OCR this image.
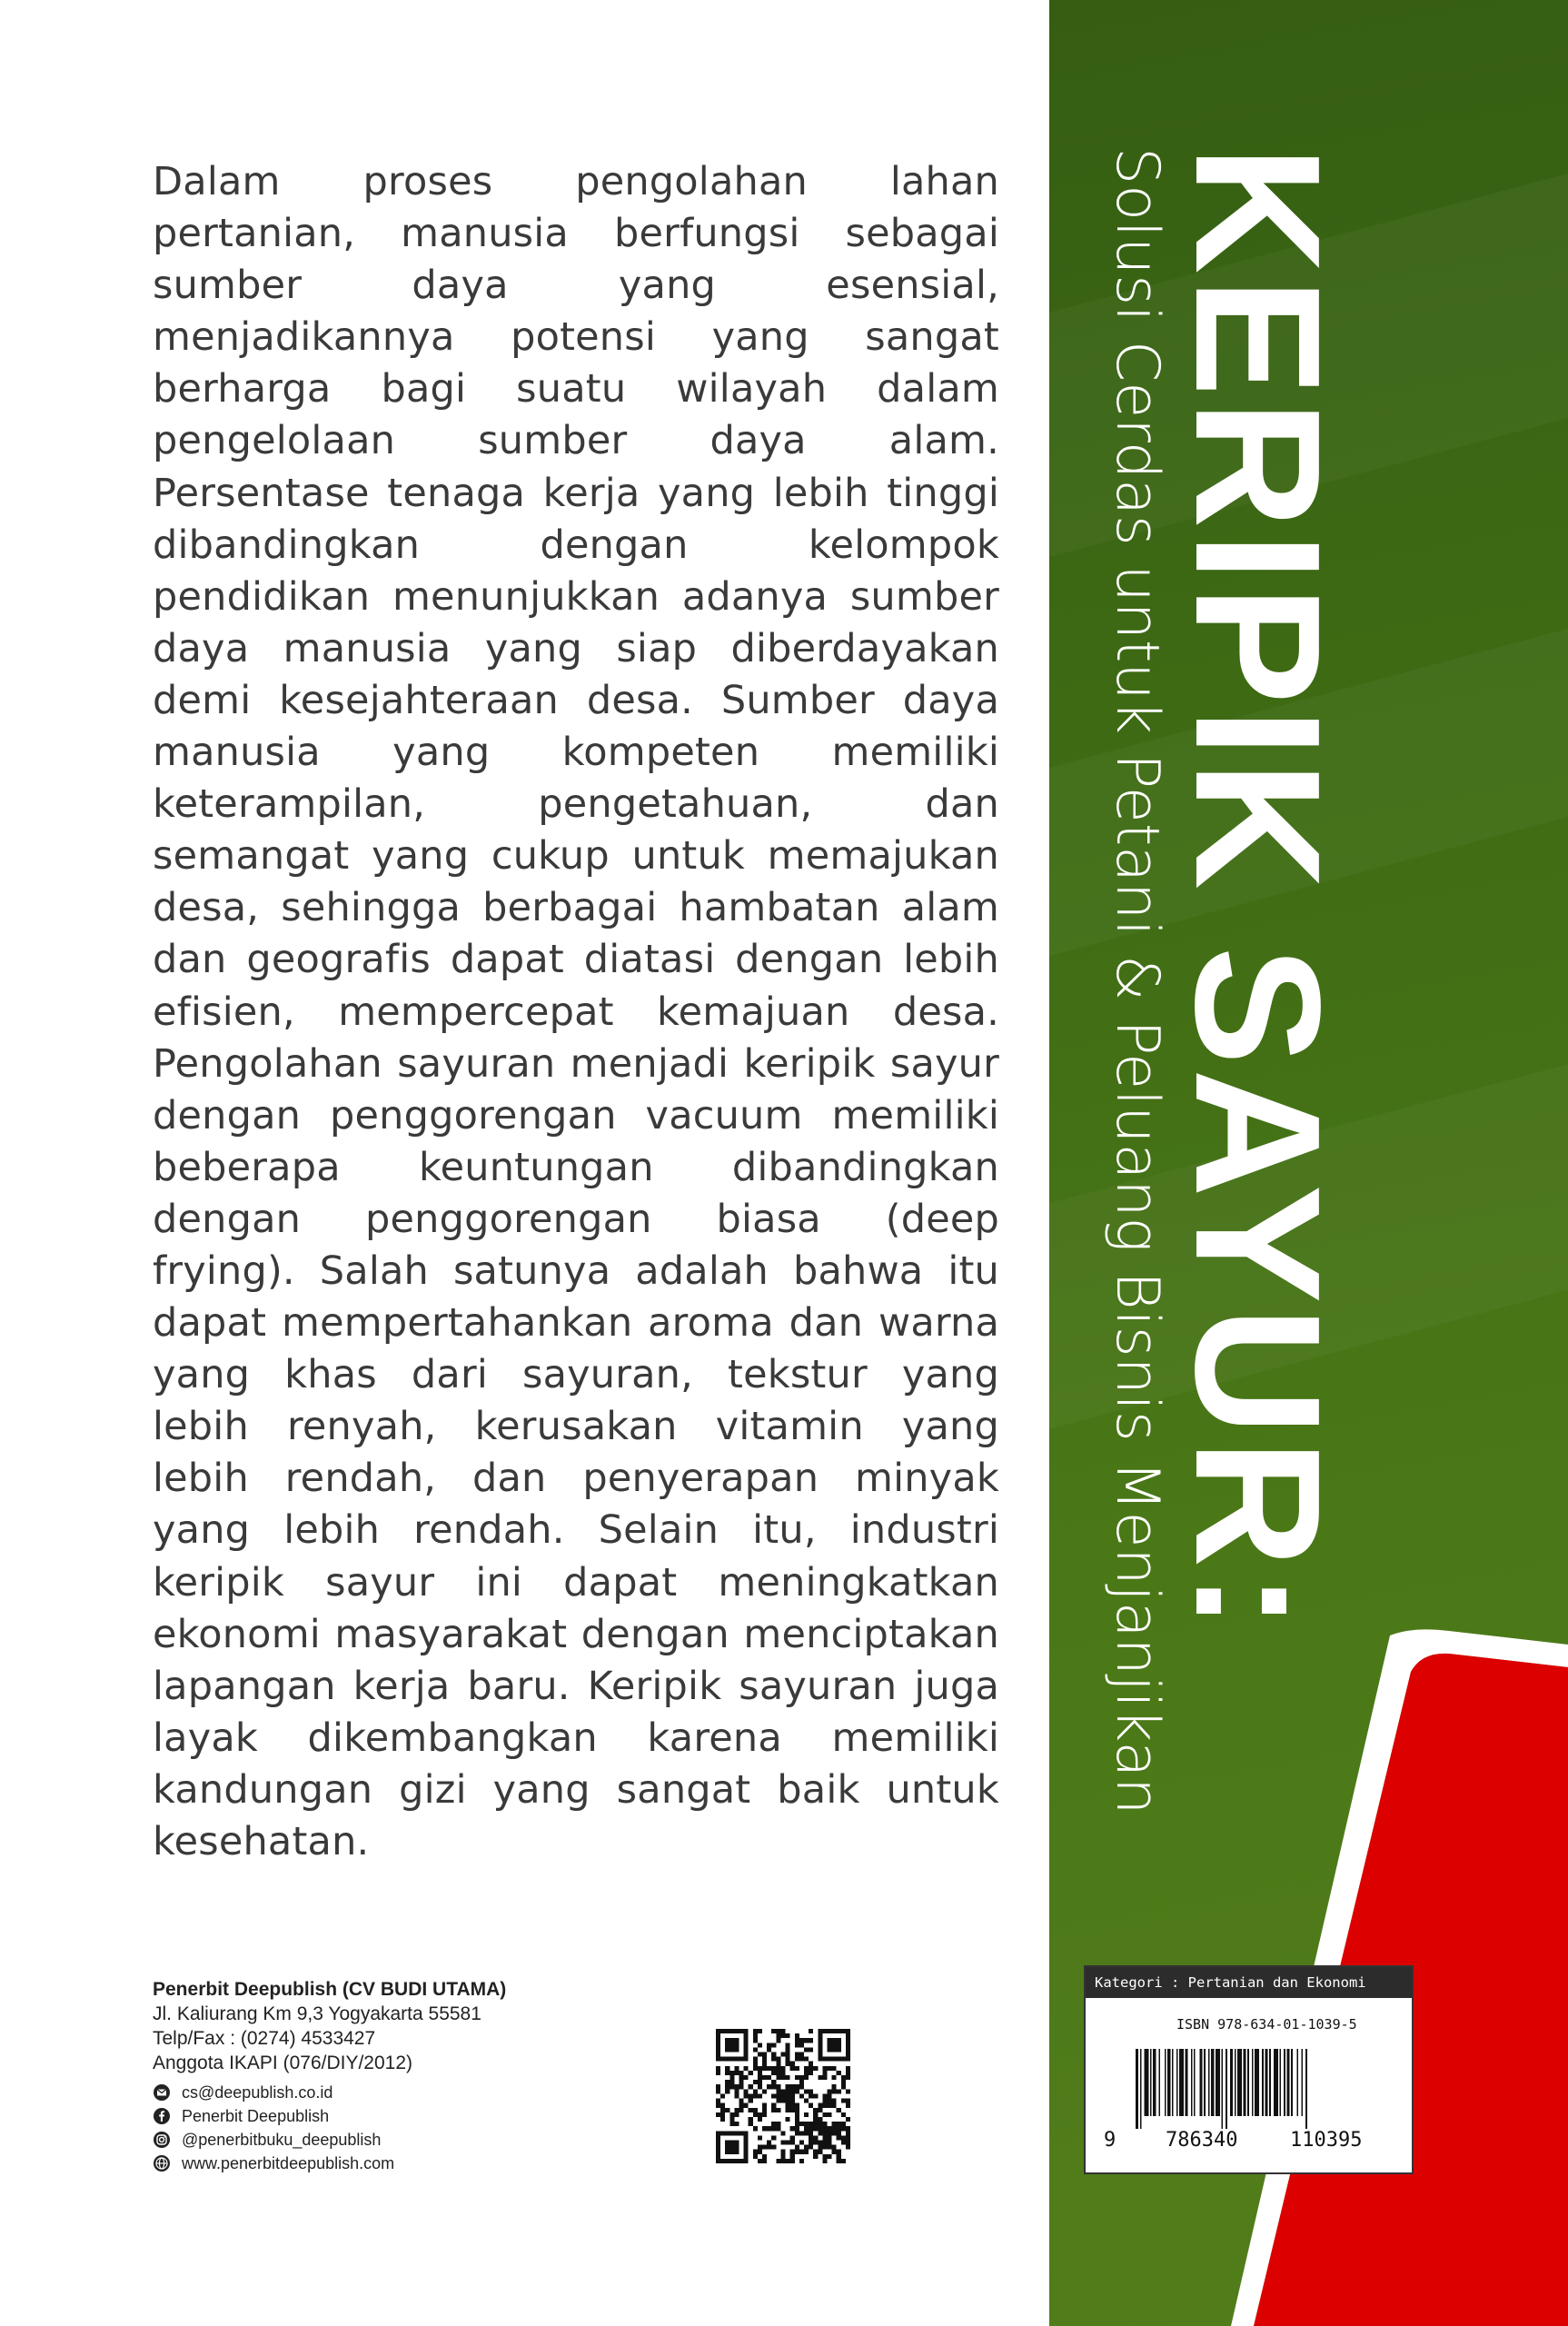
Dalam proses pengolahan lahan pertanian, manusia berfungsi sebagai sumber daya yang esensial, menjadikannya potensi yang sangat berharga bagi suatu wilayah dalam pengelolaan sumber daya alam. Persentase tenaga kerja yang lebih tinggi dibandingkan dengan kelompok pendidikan menunjukkan adanya sumber daya manusia yang siap diberdayakan demi kesejahteraan desa. Sumber daya manusia yang kompeten memiliki keterampilan, pengetahuan, dan semangat yang cukup untuk memajukan desa, sehingga berbagai hambatan alam dan geografis dapat diatasi dengan lebih efisien, mempercepat kemajuan desa. Pengolahan sayuran menjadi keripik sayur dengan penggorengan vacuum memiliki beberapa keuntungan dibandingkan dengan penggorengan biasa (deep frying). Salah satunya adalah bahwa itu dapat mempertahankan aroma dan warna yang khas dari sayuran, tekstur yang lebih renyah, kerusakan vitamin yang lebih rendah, dan penyerapan minyak yang lebih rendah. Selain itu, industri keripik sayur ini dapat meningkatkan ekonomi masyarakat dengan menciptakan lapangan kerja baru. Keripik sayuran juga layak dikembangkan karena memiliki kandungan gizi yang sangat baik untuk kesehatan.

Penerbit Deepublish (CV BUDI UTAMA)
Jl. Kaliurang Km 9,3 Yogyakarta 55581
Telp/Fax : (0274) 4533427
Anggota IKAPI (076/DIY/2012)
cs@deepublish.co.id
Penerbit Deepublish
@penerbitbuku_deepublish
www.penerbitdeepublish.com
KERIPIK SAYUR:
Solusi Cerdas untuk Petani & Peluang Bisnis Menjanjikan
Kategori : Pertanian dan Ekonomi
ISBN 978-634-01-1039-5
9 786340	110395
